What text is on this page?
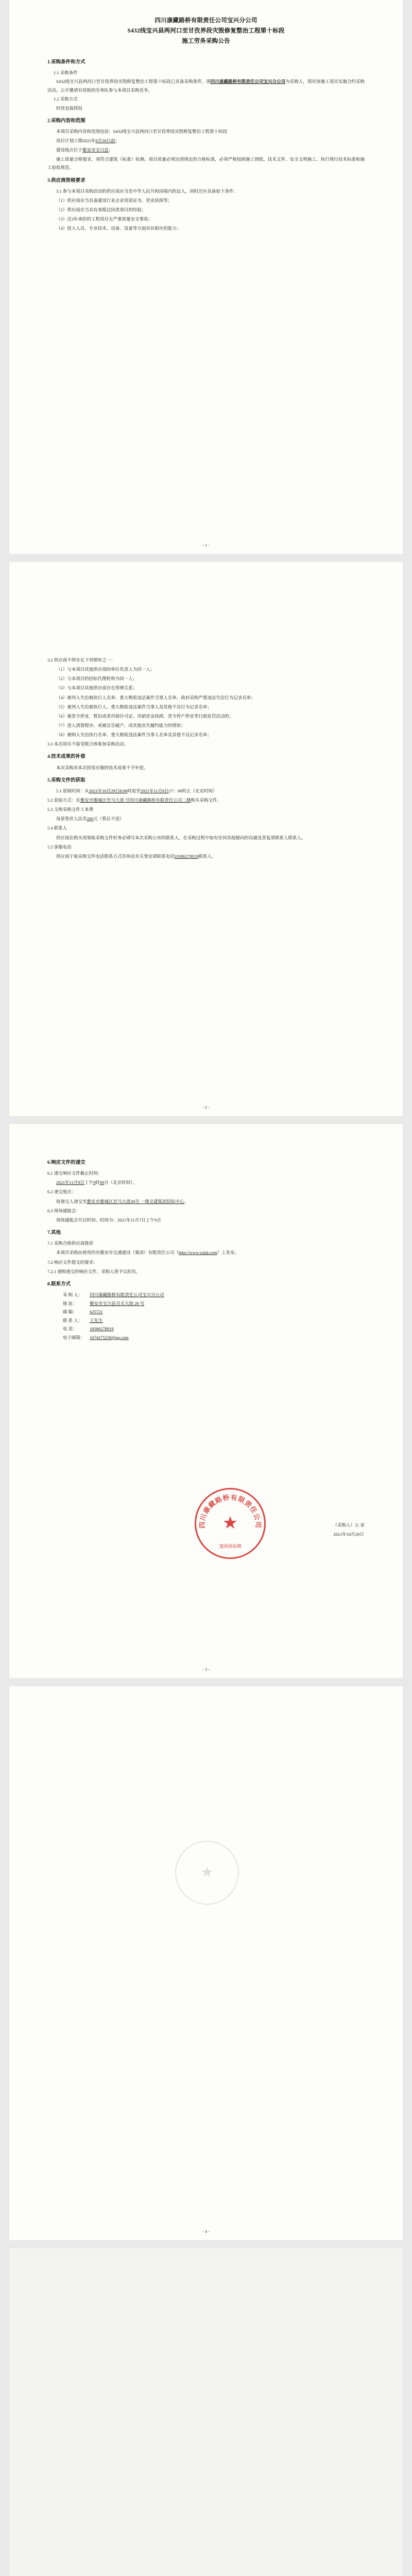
四川康藏路桥有限责任公司宝兴分公司
S432线宝兴县两河口至甘孜界段灾毁修复整治工程第十标段
施工劳务采购公告
1.采购条件和方式
1.1 采购条件

S432线宝兴县两河口至甘孜界段灾毁修复整治工程第十标段已具备采购条件，现四川康藏路桥有限责任公司宝兴分公司为采购人，现对该施工项目实施合约采购活动，公开邀请有资格的劳务队参与本项目采购竞争。

1.2 采购方式

经营直接授权

2.采购内容和范围

本项目采购内容和范围包括：S432线宝兴县两河口至甘孜界段灾毁修复整治工程第十标段

项目计划工期2022年6月30日前；

建设地点位于雅安市宝兴县；

施工质量合格要求，须符合建筑（标准）检测。项目质量必须达到现定的合格标准，必须严格按照施工图纸、技术文件、安全文明施工、执行现行技术标准和施工验收规范。

3.供应商资格要求

3.1 参与本项目采购活动的供应商应当是中华人民共和国境内的法人，同时还应具备如下条件：

（1）供应商应当具备建设行业企业资质证书、营业执照等；

（2）供应商应当具有承揽过同类项目的经验；

（3）近3年承担的工程项目无严重质量安全事故；

（4）投入人员、专业技术、设备、设备等方面具有相应的能力；

- 1 -

3.2 供应商不得存在下列情形之一：

（1）与本项目其他供应商的单位负责人为同一人；

（2）与本项目的招标代理机构为同一人；

（3）与本项目其他供应商存在管理关系；

（4）被列入失信被执行人名单、重大税收违法案件当事人名单、政府采购严重违法失信行为记录名单；

（5）被列入失信被执行人、重大税收违法案件当事人及其他不良行为记录名单；

（6）被责令停业、暂扣或者吊销许可证、吊销营业执照、责令停产停业等行政处罚活动的；

（7）进入清算程序、或被宣告破产、或其他丧失履约能力的情形；

（8）被纳入失信执行名单、重大税收违法案件当事人名单及其他不良记录名单；

3.3 本次项目不接受联合体参加采购活动。

4.技术成果的补偿

本次采购对本次投资应服的技术成果不予补偿。

5.采购文件的获取

5.1 获取时间：从2021年10月29日8:00时起至2021年11月8日17：00时止（北京时间）

5.2 获取方式：在雅安市雅城区至马大道 号四川康藏路桥有限责任公司二楼购买采购文件。

5.3 文购采购文件工本费

每套售价人民币200元（售后不退）

5.4 联系人

供应商在购买或领取采购文件时务必填写本次采购公布的联系人，在采购过程中如有任何其他疑问的沟通及答复请联系人联系人。

5.5 客服电话

供应商于取采购文件电话联系方式咨询及有关事宜请联系电话18386278019联系人。

- 2 -
6.响应文件的递交

6.1 递交响应文件截止时间：

2021年11月9日上午9时00分（北京时间）。

6.2 递交地点：

按递交人递交至雅安市雅城区至马大道30号 一楼交建集团招标中心。

6.3 现场通报会：

现场通报会开启时间、时间为：2021年11月7日上午9点

7.其他

7.1 采购合格供应商推荐

本项目采购由使用的有雅安市交通建设（集团）有限责任公司（http://www.yajjjt.com）上发布。

7.2 响应文件提交的要求：

7.2.1 递购递交的响应文件，采购人将予以担负。

8.联系方式
采 购 人：	四川康藏路桥有限责任公司宝兴分公司
地 址：	雅安市宝兴县灵关大街 28 号
邮 编：	625721
联 系 人：	王先生
电 话：	18386278019
电子邮箱：	1674275230@qq.com
四川康藏路桥有限责任公司
★
宝兴分公司
（采购人）公 章
2021年10月29日
- 3 -
- 4 -
★
